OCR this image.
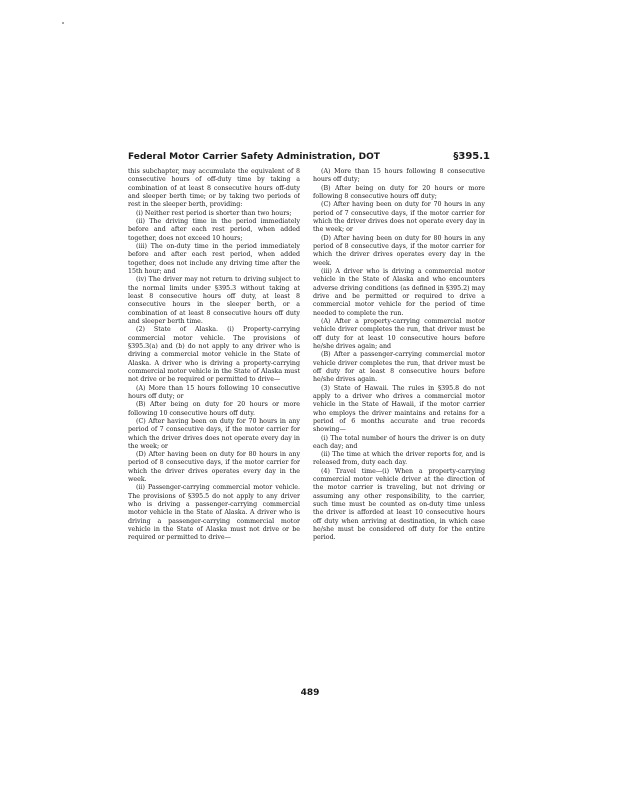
Federal Motor Carrier Safety Administration, DOT	§395.1

this subchapter, may accumulate the equivalent of 8 consecutive hours of off-duty time by taking a combination of at least 8 consecutive hours off-duty and sleeper berth time; or by taking two periods of rest in the sleeper berth, providing:

(i) Neither rest period is shorter than two hours;

(ii) The driving time in the period immediately before and after each rest period, when added together, does not exceed 10 hours;

(iii) The on-duty time in the period immediately before and after each rest period, when added together, does not include any driving time after the 15th hour; and

(iv) The driver may not return to driving subject to the normal limits under §395.3 without taking at least 8 consecutive hours off duty, at least 8 consecutive hours in the sleeper berth, or a combination of at least 8 consecutive hours off duty and sleeper berth time.

(2) State of Alaska. (i) Property-carrying commercial motor vehicle. The provisions of §395.3(a) and (b) do not apply to any driver who is driving a commercial motor vehicle in the State of Alaska. A driver who is driving a property-carrying commercial motor vehicle in the State of Alaska must not drive or be required or permitted to drive—

(A) More than 15 hours following 10 consecutive hours off duty; or

(B) After being on duty for 20 hours or more following 10 consecutive hours off duty.

(C) After having been on duty for 70 hours in any period of 7 consecutive days, if the motor carrier for which the driver drives does not operate every day in the week; or

(D) After having been on duty for 80 hours in any period of 8 consecutive days, if the motor carrier for which the driver drives operates every day in the week.

(ii) Passenger-carrying commercial motor vehicle. The provisions of §395.5 do not apply to any driver who is driving a passenger-carrying commercial motor vehicle in the State of Alaska. A driver who is driving a passenger-carrying commercial motor vehicle in the State of Alaska must not drive or be required or permitted to drive—

(A) More than 15 hours following 8 consecutive hours off duty;

(B) After being on duty for 20 hours or more following 8 consecutive hours off duty;

(C) After having been on duty for 70 hours in any period of 7 consecutive days, if the motor carrier for which the driver drives does not operate every day in the week; or

(D) After having been on duty for 80 hours in any period of 8 consecutive days, if the motor carrier for which the driver drives operates every day in the week.

(iii) A driver who is driving a commercial motor vehicle in the State of Alaska and who encounters adverse driving conditions (as defined in §395.2) may drive and be permitted or required to drive a commercial motor vehicle for the period of time needed to complete the run.

(A) After a property-carrying commercial motor vehicle driver completes the run, that driver must be off duty for at least 10 consecutive hours before he/she drives again; and

(B) After a passenger-carrying commercial motor vehicle driver completes the run, that driver must be off duty for at least 8 consecutive hours before he/she drives again.

(3) State of Hawaii. The rules in §395.8 do not apply to a driver who drives a commercial motor vehicle in the State of Hawaii, if the motor carrier who employs the driver maintains and retains for a period of 6 months accurate and true records showing—

(i) The total number of hours the driver is on duty each day; and

(ii) The time at which the driver reports for, and is released from, duty each day.

(4) Travel time—(i) When a property-carrying commercial motor vehicle driver at the direction of the motor carrier is traveling, but not driving or assuming any other responsibility, to the carrier, such time must be counted as on-duty time unless the driver is afforded at least 10 consecutive hours off duty when arriving at destination, in which case he/she must be considered off duty for the entire period.

489
